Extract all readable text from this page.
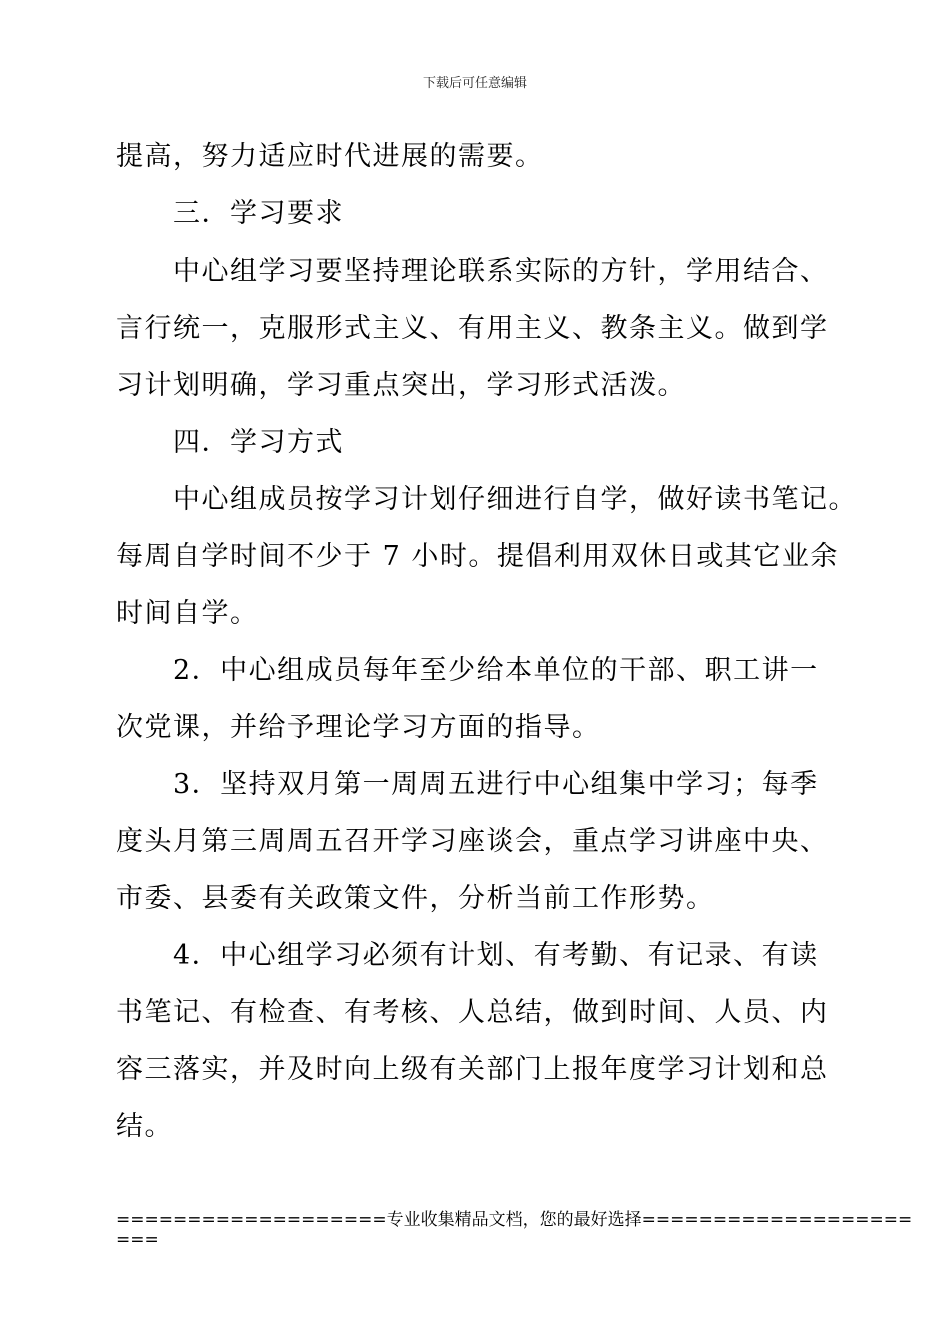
下载后可任意编辑
提高，努力适应时代进展的需要。
三．学习要求
中心组学习要坚持理论联系实际的方针，学用结合、
言行统一，克服形式主义、有用主义、教条主义。做到学
习计划明确，学习重点突出，学习形式活泼。
四．学习方式
中心组成员按学习计划仔细进行自学，做好读书笔记。
每周自学时间不少于 7 小时。提倡利用双休日或其它业余
时间自学。
2．中心组成员每年至少给本单位的干部、职工讲一
次党课，并给予理论学习方面的指导。
3．坚持双月第一周周五进行中心组集中学习；每季
度头月第三周周五召开学习座谈会，重点学习讲座中央、
市委、县委有关政策文件，分析当前工作形势。
4．中心组学习必须有计划、有考勤、有记录、有读
书笔记、有检查、有考核、人总结，做到时间、人员、内
容三落实，并及时向上级有关部门上报年度学习计划和总
结。
===================专业收集精品文档，您的最好选择===================
===
